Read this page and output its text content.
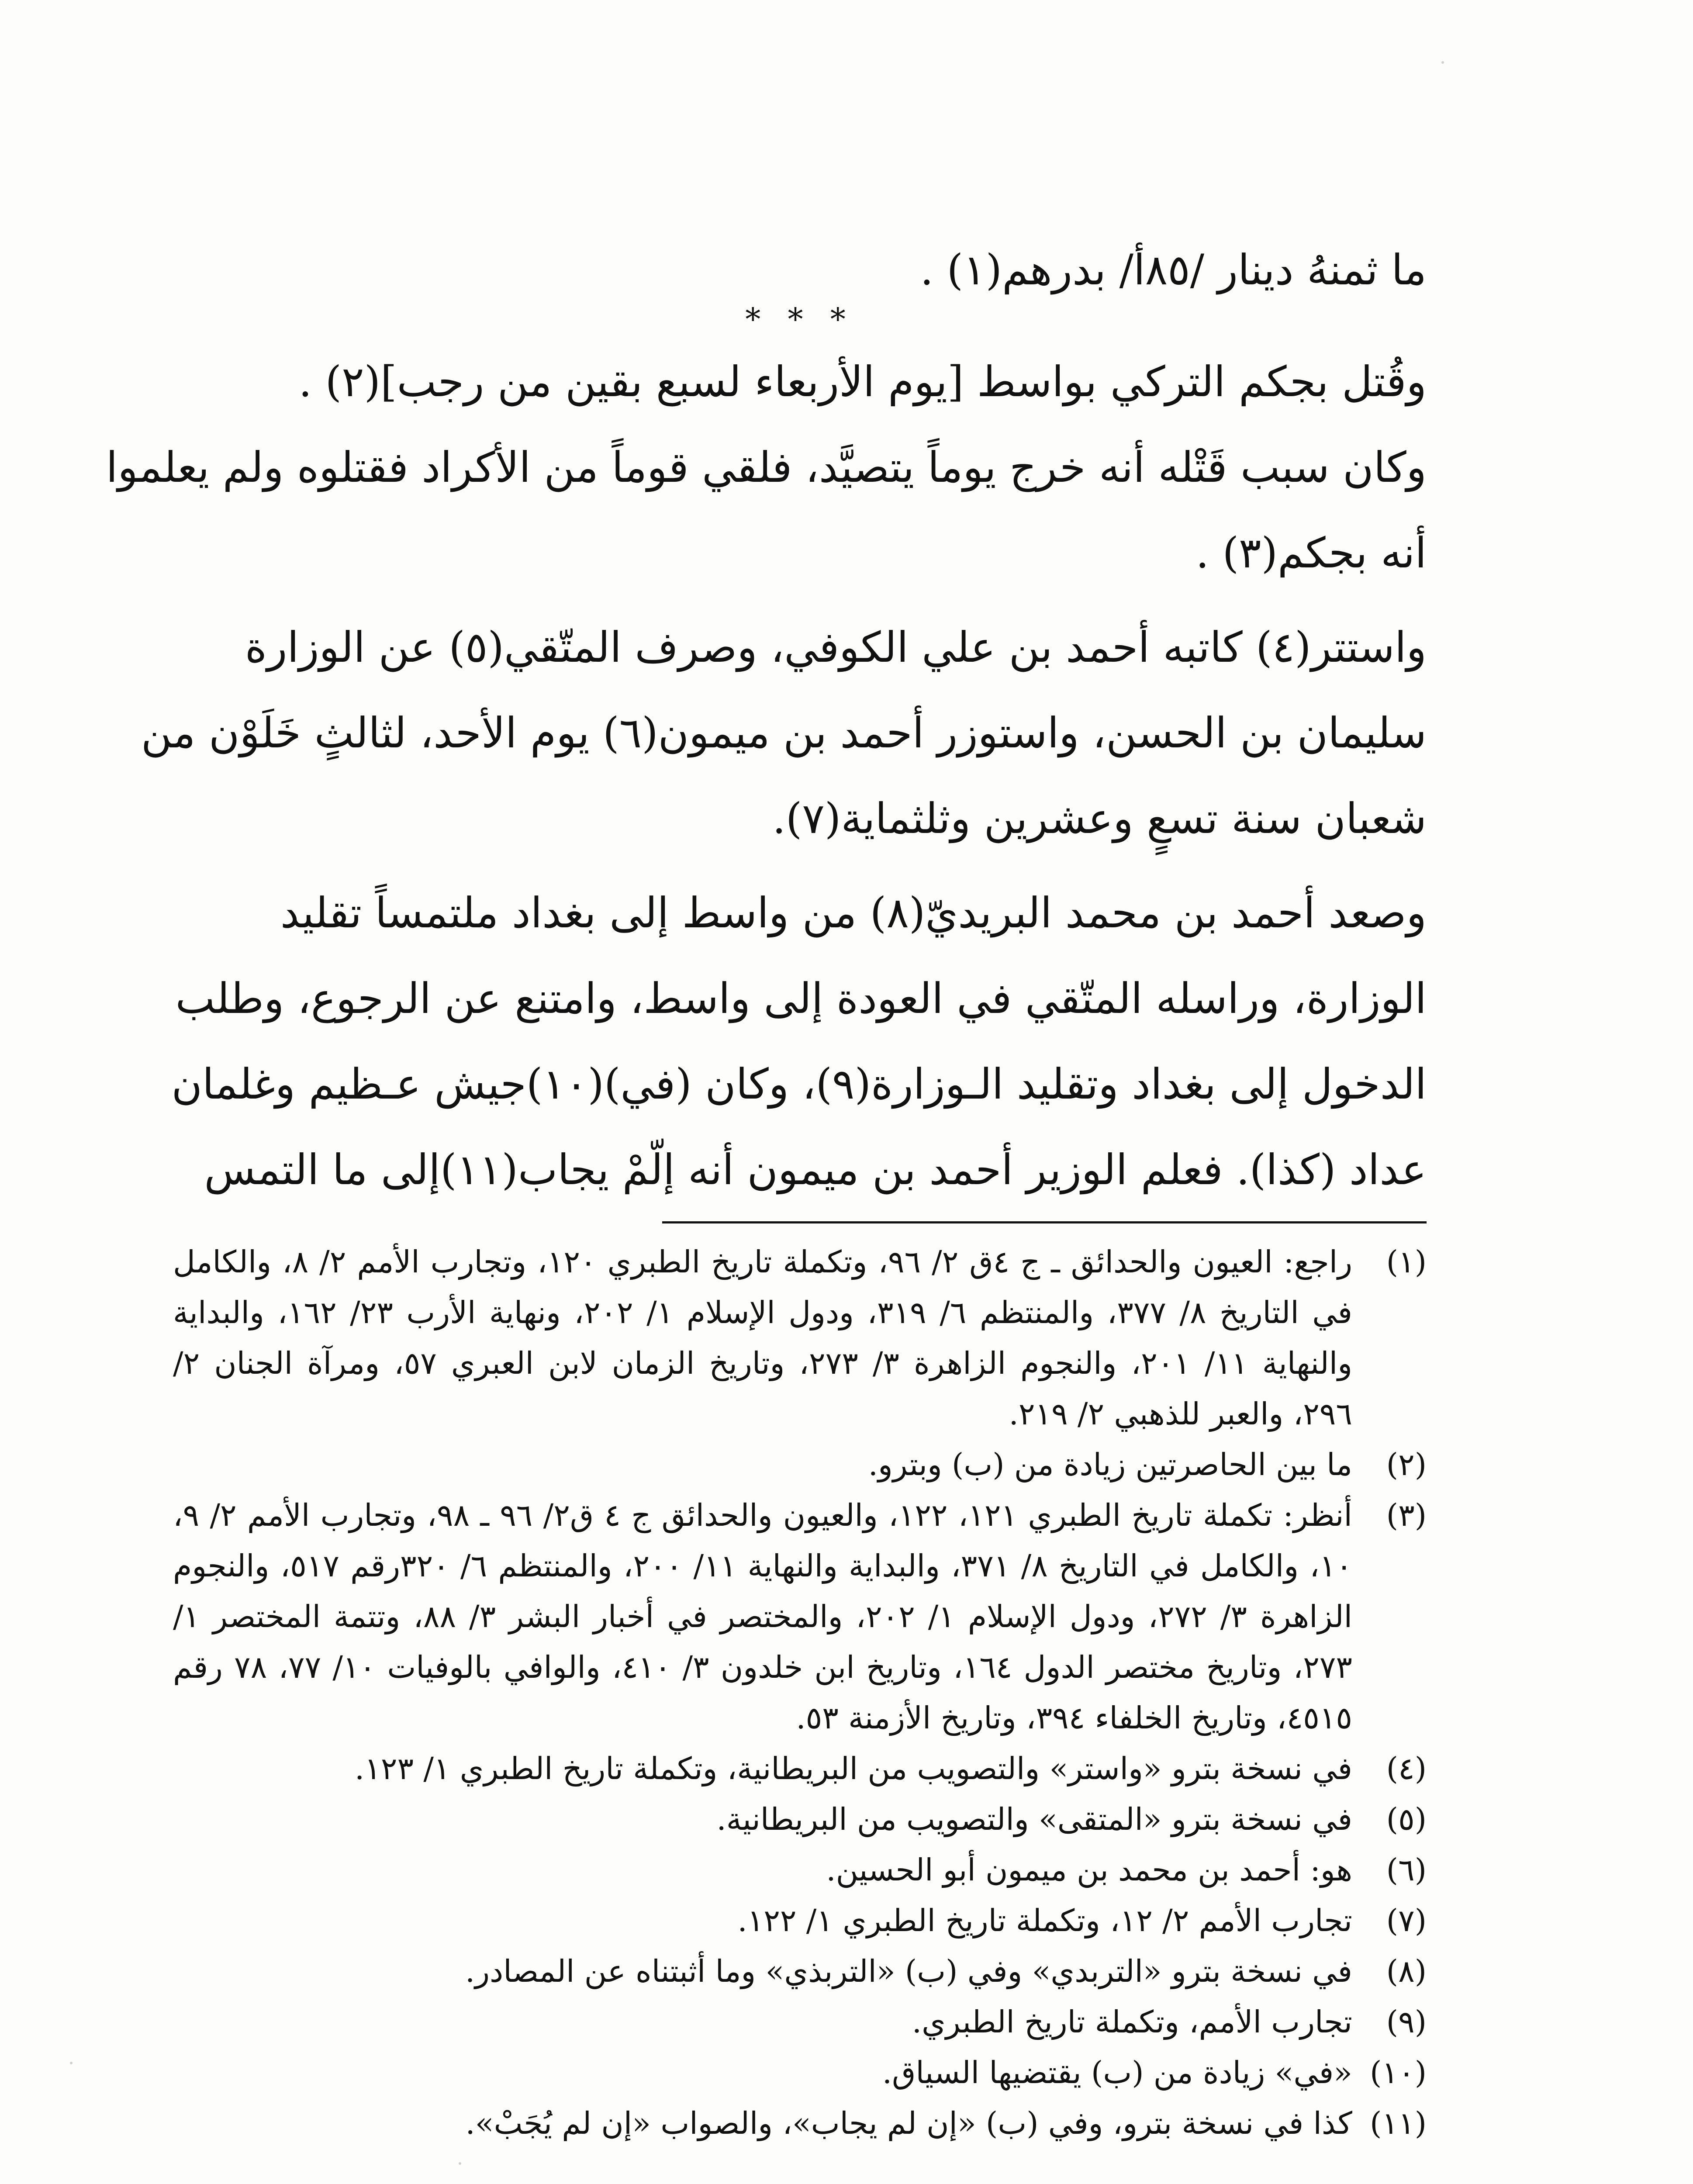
ما ثمنهُ دينار /٨٥أ/ بدرهم(١) .

* * *

وقُتل بجكم التركي بواسط [يوم الأربعاء لسبع بقين من رجب](٢) .

وكان سبب قَتْله أنه خرج يوماً يتصيَّد، فلقي قوماً من الأكراد فقتلوه ولم يعلموا

أنه بجكم(٣) .

واستتر(٤) كاتبه أحمد بن علي الكوفي، وصرف المتّقي(٥) عن الوزارة

سليمان بن الحسن، واستوزر أحمد بن ميمون(٦) يوم الأحد، لثالثٍ خَلَوْن من

شعبان سنة تسعٍ وعشرين وثلثماية(٧).

وصعد أحمد بن محمد البريديّ(٨) من واسط إلى بغداد ملتمساً تقليد

الوزارة، وراسله المتّقي في العودة إلى واسط، وامتنع عن الرجوع، وطلب

الدخول إلى بغداد وتقليد الـوزارة(٩)، وكان (في)(١٠)جيش عـظيم وغلمان

عداد (كذا). فعلم الوزير أحمد بن ميمون أنه إلّمْ يجاب(١١)إلى ما التمس

(١)
راجع: العيون والحدائق ـ ج ٤ق ٢/ ٩٦، وتكملة تاريخ الطبري ١٢٠، وتجارب الأمم ٢/ ٨، والكامل في التاريخ ٨/ ٣٧٧، والمنتظم ٦/ ٣١٩، ودول الإسلام ١/ ٢٠٢، ونهاية الأرب ٢٣/ ١٦٢، والبداية والنهاية ١١/ ٢٠١، والنجوم الزاهرة ٣/ ٢٧٣، وتاريخ الزمان لابن العبري ٥٧، ومرآة الجنان ٢/ ٢٩٦، والعبر للذهبي ٢/ ٢١٩.
(٢)
ما بين الحاصرتين زيادة من (ب) وبترو.
(٣)
أنظر: تكملة تاريخ الطبري ١٢١، ١٢٢، والعيون والحدائق ج ٤ ق٢/ ٩٦ ـ ٩٨، وتجارب الأمم ٢/ ٩، ١٠، والكامل في التاريخ ٨/ ٣٧١، والبداية والنهاية ١١/ ٢٠٠، والمنتظم ٦/ ٣٢٠رقم ٥١٧، والنجوم الزاهرة ٣/ ٢٧٢، ودول الإسلام ١/ ٢٠٢، والمختصر في أخبار البشر ٣/ ٨٨، وتتمة المختصر ١/ ٢٧٣، وتاريخ مختصر الدول ١٦٤، وتاريخ ابن خلدون ٣/ ٤١٠، والوافي بالوفيات ١٠/ ٧٧، ٧٨ رقم ٤٥١٥، وتاريخ الخلفاء ٣٩٤، وتاريخ الأزمنة ٥٣.
(٤)
في نسخة بترو «واستر» والتصويب من البريطانية، وتكملة تاريخ الطبري ١/ ١٢٣.
(٥)
في نسخة بترو «المتقى» والتصويب من البريطانية.
(٦)
هو: أحمد بن محمد بن ميمون أبو الحسين.
(٧)
تجارب الأمم ٢/ ١٢، وتكملة تاريخ الطبري ١/ ١٢٢.
(٨)
في نسخة بترو «التربدي» وفي (ب) «التربذي» وما أثبتناه عن المصادر.
(٩)
تجارب الأمم، وتكملة تاريخ الطبري.
(١٠)
«في» زيادة من (ب) يقتضيها السياق.
(١١)
كذا في نسخة بترو، وفي (ب) «إن لم يجاب»، والصواب «إن لم يُجَبْ».
